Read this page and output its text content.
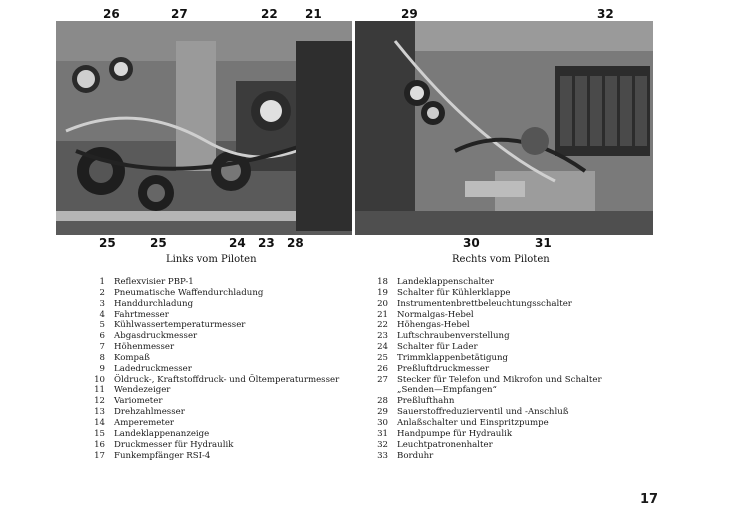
26	27	22 21	29	32
25	25	24 23 28	30	31
Links vom Piloten	Rechts vom Piloten
1 Reflexvisier PBP-1
2 Pneumatische Waffendurchladung
3 Handdurchladung
4 Fahrtmesser
5 Kühlwassertemperaturmesser
6 Abgasdruckmesser
7 Höhenmesser
8 Kompaß
9 Ladedruckmesser
10 Öldruck-, Kraftstoffdruck- und Öltemperaturmesser
11 Wendezeiger
12 Variometer
13 Drehzahlmesser
14 Amperemeter
15 Landeklappenanzeige
16 Druckmesser für Hydraulik
17 Funkempfänger RSI-4
18 Landeklappenschalter
19 Schalter für Kühlerklappe
20 Instrumentenbrettbeleuchtungsschalter
21 Normalgas-Hebel
22 Höhengas-Hebel
23 Luftschraubenverstellung
24 Schalter für Lader
25 Trimmklappenbetätigung
26 Preßluftdruckmesser
27 Stecker für Telefon und Mikrofon und Schalter
„Senden—Empfangen“
28 Preßlufthahn
29 Sauerstoffreduzierventil und -Anschluß
30 Anlaßschalter und Einspritzpumpe
31 Handpumpe für Hydraulik
32 Leuchtpatronenhalter
33 Borduhr
17
